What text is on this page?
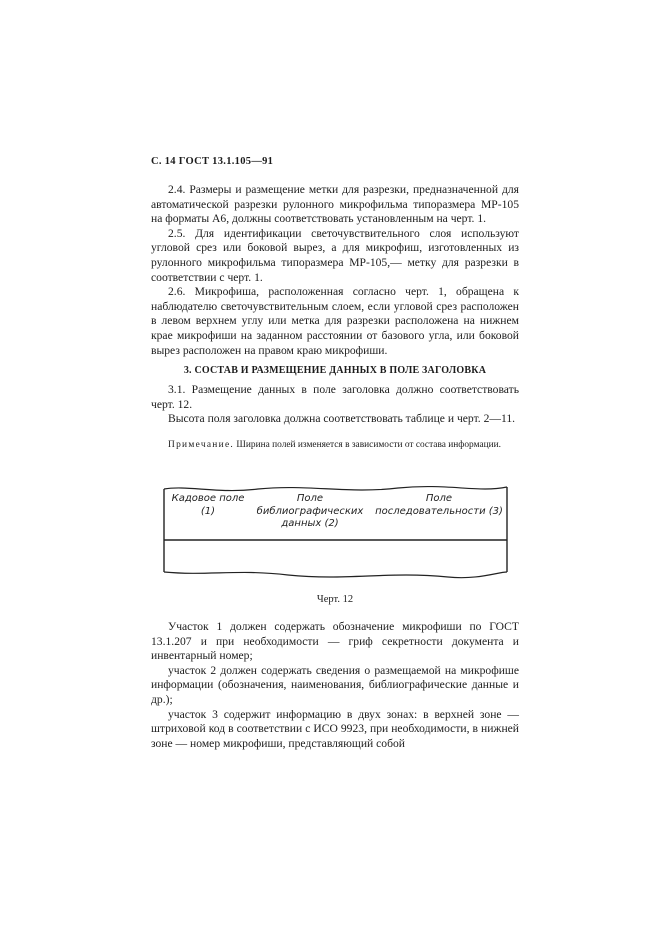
С. 14 ГОСТ 13.1.105—91

2.4. Размеры и размещение метки для разрезки, предназначенной для автоматической разрезки рулонного микрофильма типоразмера МР-105 на форматы А6, должны соответствовать установленным на черт. 1.

2.5. Для идентификации светочувствительного слоя используют угловой срез или боковой вырез, а для микрофиш, изготовленных из рулонного микрофильма типоразмера МР-105,— метку для разрезки в соответствии с черт. 1.

2.6. Микрофиша, расположенная согласно черт. 1, обращена к наблюдателю светочувствительным слоем, если угловой срез расположен в левом верхнем углу или метка для разрезки расположена на нижнем крае микрофиши на заданном расстоянии от базового угла, или боковой вырез расположен на правом краю микрофиши.

3. СОСТАВ И РАЗМЕЩЕНИЕ ДАННЫХ В ПОЛЕ ЗАГОЛОВКА

3.1. Размещение данных в поле заголовка должно соответствовать черт. 12.

Высота поля заголовка должна соответствовать таблице и черт. 2—11.

Примечание. Ширина полей изменяется в зависимости от состава информации.
Кадовое поле (1)
Поле библиографических данных (2)
Поле последовательности (3)
Черт. 12

Участок 1 должен содержать обозначение микрофиши по ГОСТ 13.1.207 и при необходимости — гриф секретности документа и инвентарный номер;

участок 2 должен содержать сведения о размещаемой на микрофише информации (обозначения, наименования, библиографические данные и др.);

участок 3 содержит информацию в двух зонах: в верхней зоне — штриховой код в соответствии с ИСО 9923, при необходимости, в нижней зоне — номер микрофиши, представляющий собой
